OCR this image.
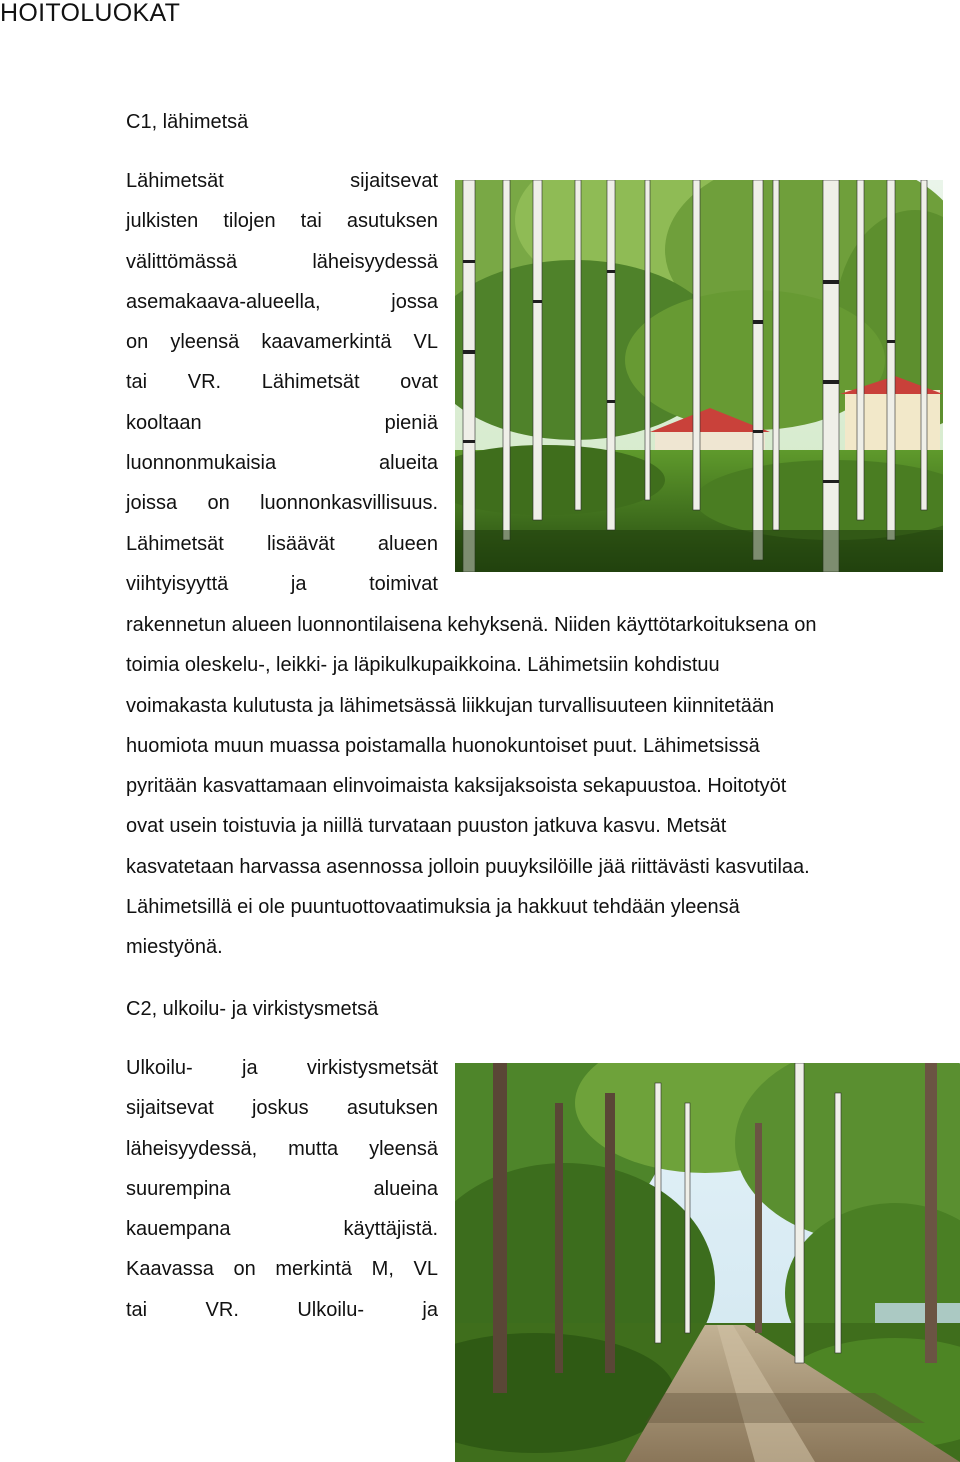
HOITOLUOKAT
C1, lähimetsä
Lähimetsät sijaitsevat
julkisten tilojen tai asutuksen
välittömässä läheisyydessä
asemakaava-alueella, jossa
on yleensä kaavamerkintä VL
tai VR. Lähimetsät ovat
kooltaan pieniä
luonnonmukaisia alueita
joissa on luonnonkasvillisuus.
Lähimetsät lisäävät alueen
viihtyisyyttä ja toimivat
rakennetun alueen luonnontilaisena kehyksenä. Niiden käyttötarkoituksena on
toimia oleskelu-, leikki- ja läpikulkupaikkoina. Lähimetsiin kohdistuu
voimakasta kulutusta ja lähimetsässä liikkujan turvallisuuteen kiinnitetään
huomiota muun muassa poistamalla huonokuntoiset puut. Lähimetsissä
pyritään kasvattamaan elinvoimaista kaksijaksoista sekapuustoa. Hoitotyöt
ovat usein toistuvia ja niillä turvataan puuston jatkuva kasvu. Metsät
kasvatetaan harvassa asennossa jolloin puuyksilöille jää riittävästi kasvutilaa.
Lähimetsillä ei ole puuntuottovaatimuksia ja hakkuut tehdään yleensä
miestyönä.
C2, ulkoilu- ja virkistysmetsä
Ulkoilu- ja virkistysmetsät
sijaitsevat joskus asutuksen
läheisyydessä, mutta yleensä
suurempina alueina
kauempana käyttäjistä.
Kaavassa on merkintä M, VL
tai VR. Ulkoilu- ja
